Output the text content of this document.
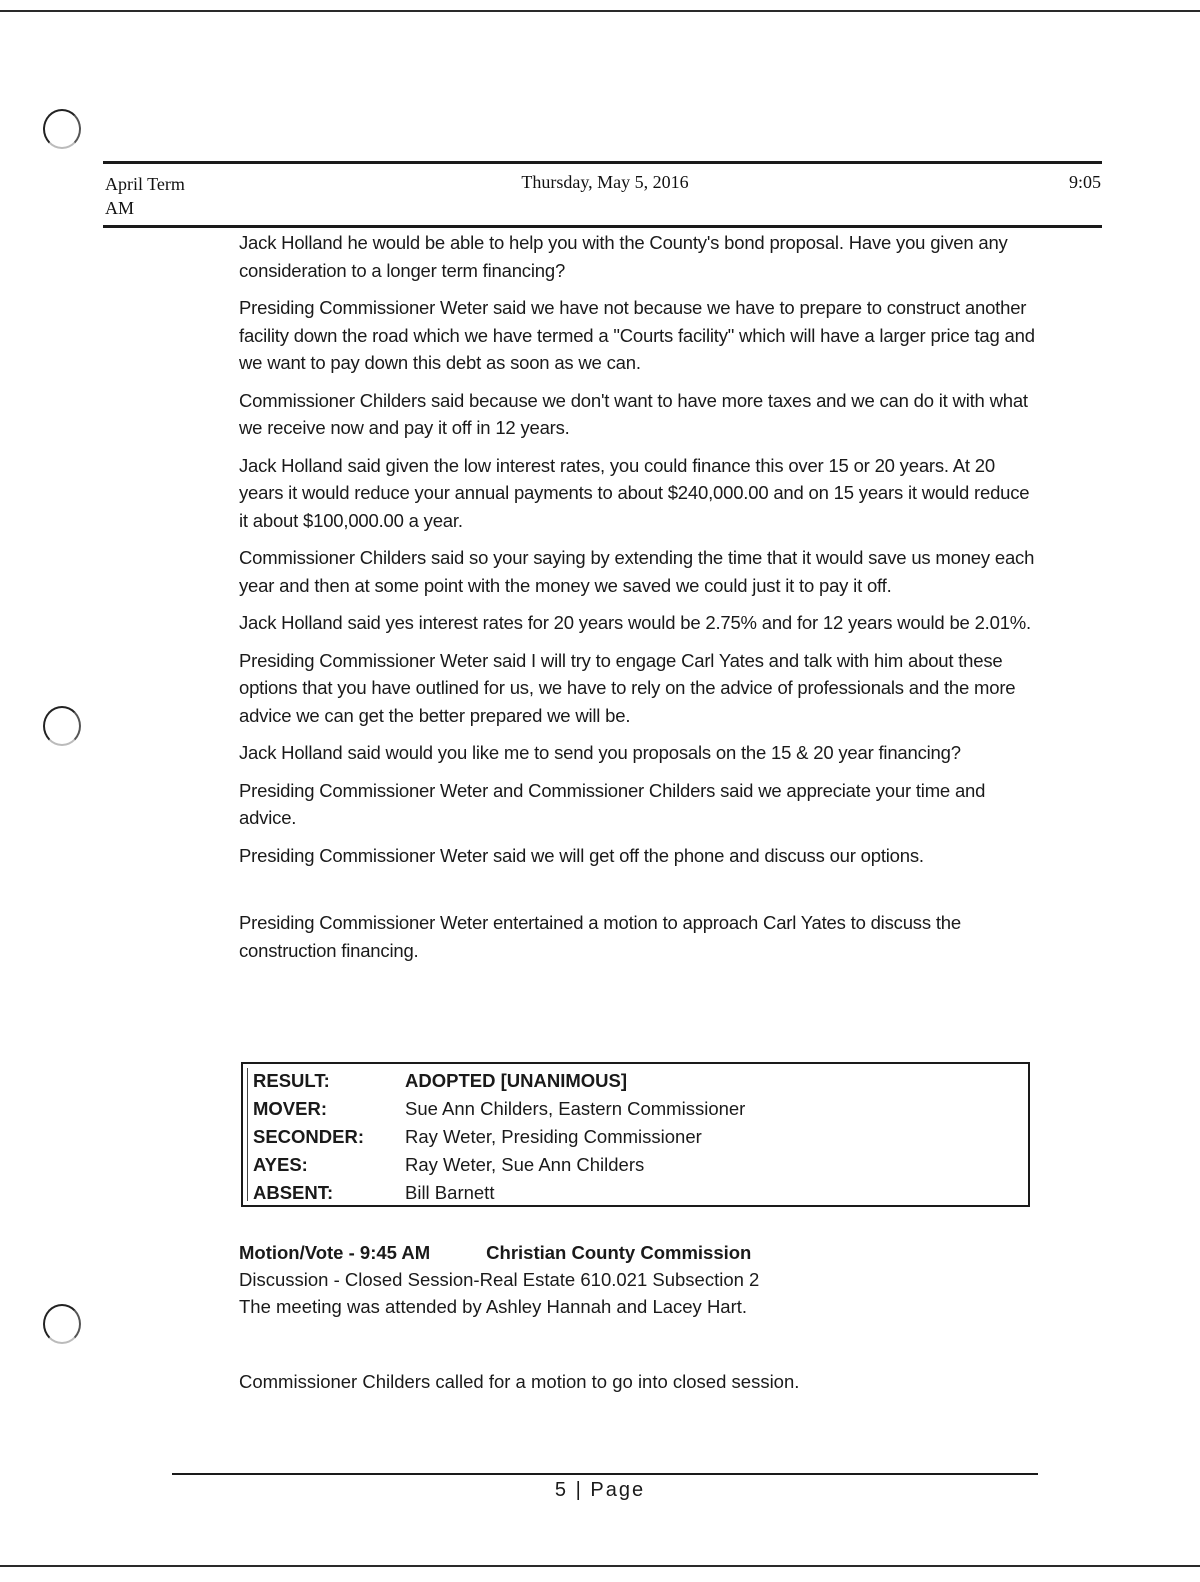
April Term
AM
Thursday, May 5, 2016	9:05

Jack Holland he would be able to help you with the County's bond proposal. Have you given any consideration to a longer term financing?

Presiding Commissioner Weter said we have not because we have to prepare to construct another facility down the road which we have termed a "Courts facility" which will have a larger price tag and we want to pay down this debt as soon as we can.

Commissioner Childers said because we don't want to have more taxes and we can do it with what we receive now and pay it off in 12 years.

Jack Holland said given the low interest rates, you could finance this over 15 or 20 years. At 20 years it would reduce your annual payments to about $240,000.00 and on 15 years it would reduce it about $100,000.00 a year.

Commissioner Childers said so your saying by extending the time that it would save us money each year and then at some point with the money we saved we could just it to pay it off.

Jack Holland said yes interest rates for 20 years would be 2.75% and for 12 years would be 2.01%.

Presiding Commissioner Weter said I will try to engage Carl Yates and talk with him about these options that you have outlined for us, we have to rely on the advice of professionals and the more advice we can get the better prepared we will be.

Jack Holland said would you like me to send you proposals on the 15 & 20 year financing?

Presiding Commissioner Weter and Commissioner Childers said we appreciate your time and advice.

Presiding Commissioner Weter said we will get off the phone and discuss our options.

Presiding Commissioner Weter entertained a motion to approach Carl Yates to discuss the construction financing.

RESULT:	ADOPTED [UNANIMOUS]
MOVER:	Sue Ann Childers, Eastern Commissioner
SECONDER:	Ray Weter, Presiding Commissioner
AYES:	Ray Weter, Sue Ann Childers
ABSENT:	Bill Barnett
Motion/Vote - 9:45 AM	Christian County Commission
Discussion - Closed Session-Real Estate 610.021 Subsection 2
The meeting was attended by Ashley Hannah and Lacey Hart.
Commissioner Childers called for a motion to go into closed session.
5 | Page
